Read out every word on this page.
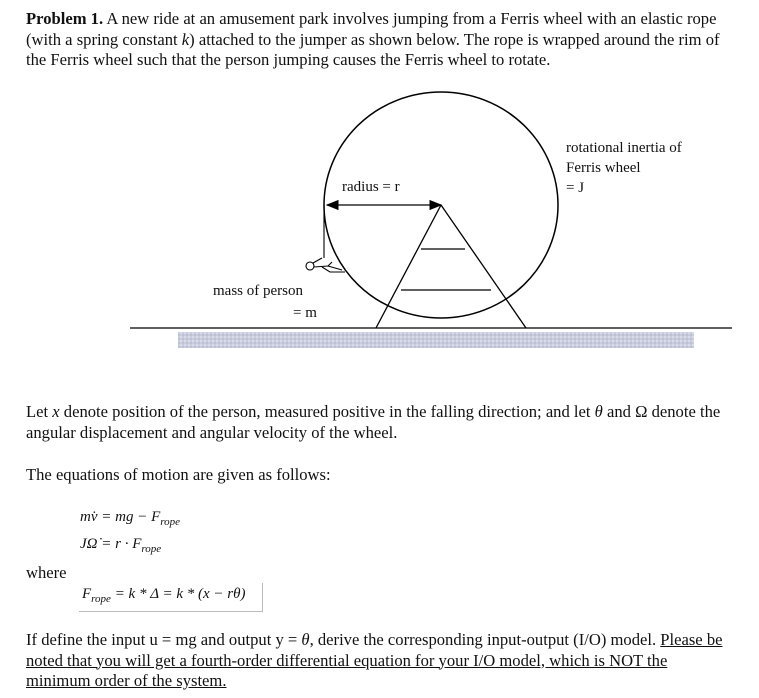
Problem 1. A new ride at an amusement park involves jumping from a Ferris wheel with an elastic rope (with a spring constant k) attached to the jumper as shown below. The rope is wrapped around the rim of the Ferris wheel such that the person jumping causes the Ferris wheel to rotate.

radius = r
rotational inertia of
Ferris wheel
= J
mass of person
= m

Let x denote position of the person, measured positive in the falling direction; and let θ and Ω denote the angular displacement and angular velocity of the wheel.

The equations of motion are given as follows:

mv̇ = mg − $F_{rope}$
JΩ̇ = $r \cdot F_{rope}$
where
$F_{rope} = k * \Delta = k * (x - r\theta)$

If define the input u = mg and output y = θ, derive the corresponding input-output (I/O) model. Please be noted that you will get a fourth-order differential equation for your I/O model, which is NOT the minimum order of the system.
